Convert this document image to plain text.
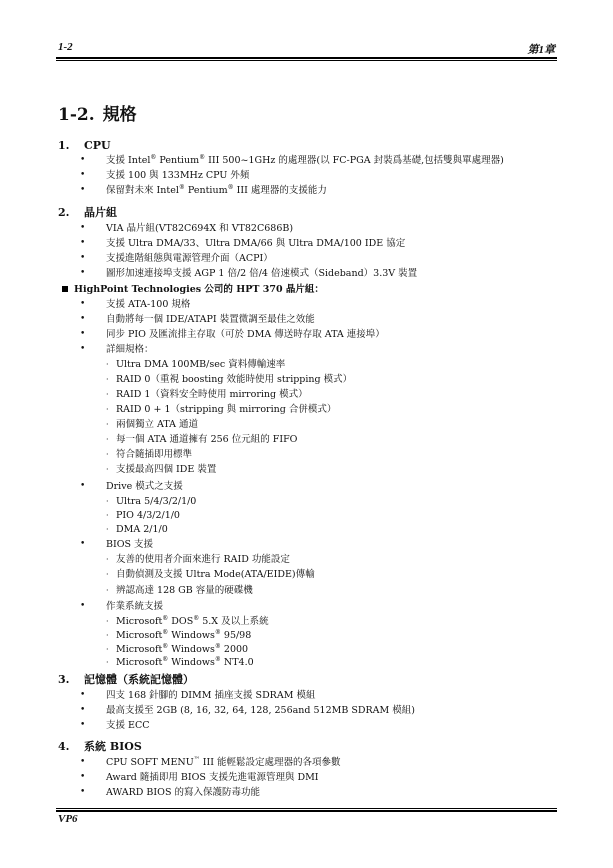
1-2	第1章
1-2. 規格
1. CPU
• 支援 Intel® Pentium® III 500~1GHz 的處理器(以 FC-PGA 封裝爲基礎,包括雙與單處理器)
• 支援 100 與 133MHz CPU 外頻
• 保留對未來 Intel® Pentium® III 處理器的支援能力
2. 晶片組
• VIA 晶片組(VT82C694X 和 VT82C686B)
• 支援 Ultra DMA/33、Ultra DMA/66 與 Ultra DMA/100 IDE 協定
• 支援進階組態與電源管理介面（ACPI）
• 圖形加速連接埠支援 AGP 1 倍/2 倍/4 倍速模式（Sideband）3.3V 裝置
HighPoint Technologies 公司的 HPT 370 晶片組：
• 支援 ATA-100 規格
• 自動將每一個 IDE/ATAPI 裝置微調至最佳之效能
• 同步 PIO 及匯流排主存取（可於 DMA 傳送時存取 ATA 連接埠）
• 詳細規格：
· Ultra DMA 100MB/sec 資料傳輸速率
· RAID 0（重視 boosting 效能時使用 stripping 模式）
· RAID 1（資料安全時使用 mirroring 模式）
· RAID 0 + 1（stripping 與 mirroring 合併模式）
· 兩個獨立 ATA 通道
· 每一個 ATA 通道擁有 256 位元組的 FIFO
· 符合隨插即用標準
· 支援最高四個 IDE 裝置
• Drive 模式之支援
· Ultra 5/4/3/2/1/0
· PIO 4/3/2/1/0
· DMA 2/1/0
• BIOS 支援
· 友善的使用者介面來進行 RAID 功能設定
· 自動偵測及支援 Ultra Mode(ATA/EIDE)傳輸
· 辨認高達 128 GB 容量的硬碟機
• 作業系統支援
· Microsoft® DOS® 5.X 及以上系統
· Microsoft® Windows® 95/98
· Microsoft® Windows® 2000
· Microsoft® Windows® NT4.0
3. 記憶體（系統記憶體）
• 四支 168 針腳的 DIMM 插座支援 SDRAM 模組
• 最高支援至 2GB (8, 16, 32, 64, 128, 256and 512MB SDRAM 模組)
• 支援 ECC
4. 系統 BIOS
• CPU SOFT MENU™ III 能輕鬆設定處理器的各項參數
• Award 隨插即用 BIOS 支援先進電源管理與 DMI
• AWARD BIOS 的寫入保護防毒功能
VP6
